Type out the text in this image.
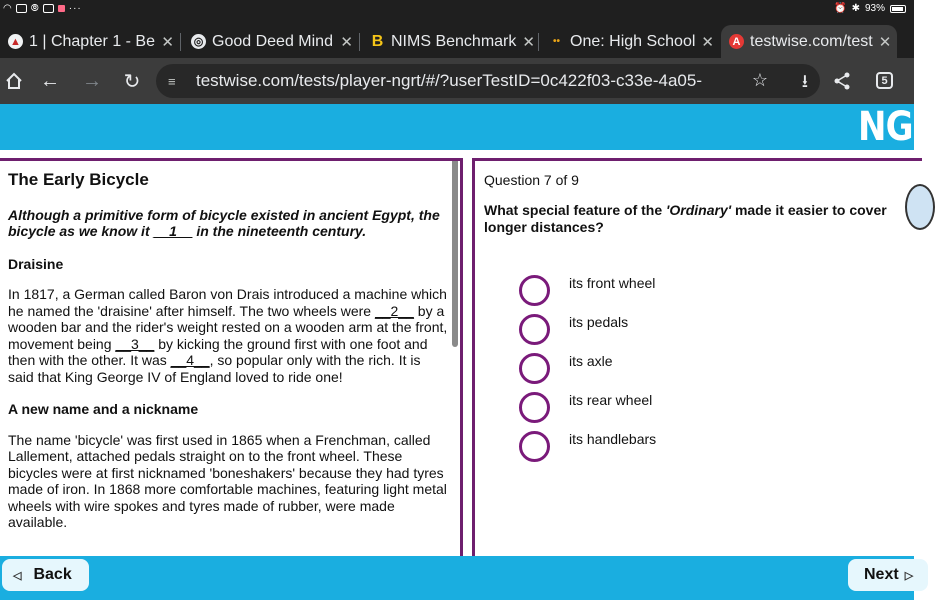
◠ ⦾	···	⏰ ✱ 93%
▲ 1 | Chapter 1 - Be ✕ ◎ Good Deed Mind ✕ B NIMS Benchmark ✕	•• One: High School ✕	A testwise.com/test ✕
← → ↻ ≡	testwise.com/tests/player-ngrt/#/?userTestID=0c422f03-c33e-4a05-	☆ ⭳	5
NGR
The Early Bicycle
Although a primitive form of bicycle existed in ancient Egypt, the bicycle as we know it __1__ in the nineteenth century.
Draisine
In 1817, a German called Baron von Drais introduced a machine which he named the 'draisine' after himself. The two wheels were __2__ by a wooden bar and the rider's weight rested on a wooden arm at the front, movement being __3__ by kicking the ground first with one foot and then with the other. It was __4__, so popular only with the rich. It is said that King George IV of England loved to ride one!
A new name and a nickname
The name 'bicycle' was first used in 1865 when a Frenchman, called Lallement, attached pedals straight on to the front wheel. These bicycles were at first nicknamed 'boneshakers' because they had tyres made of iron. In 1868 more comfortable machines, featuring light metal wheels with wire spokes and tyres made of rubber, were made available.
Question 7 of 9
What special feature of the 'Ordinary' made it easier to cover longer distances?
its front wheel
its pedals
its axle
its rear wheel
its handlebars
◁ Back	Next ▷
